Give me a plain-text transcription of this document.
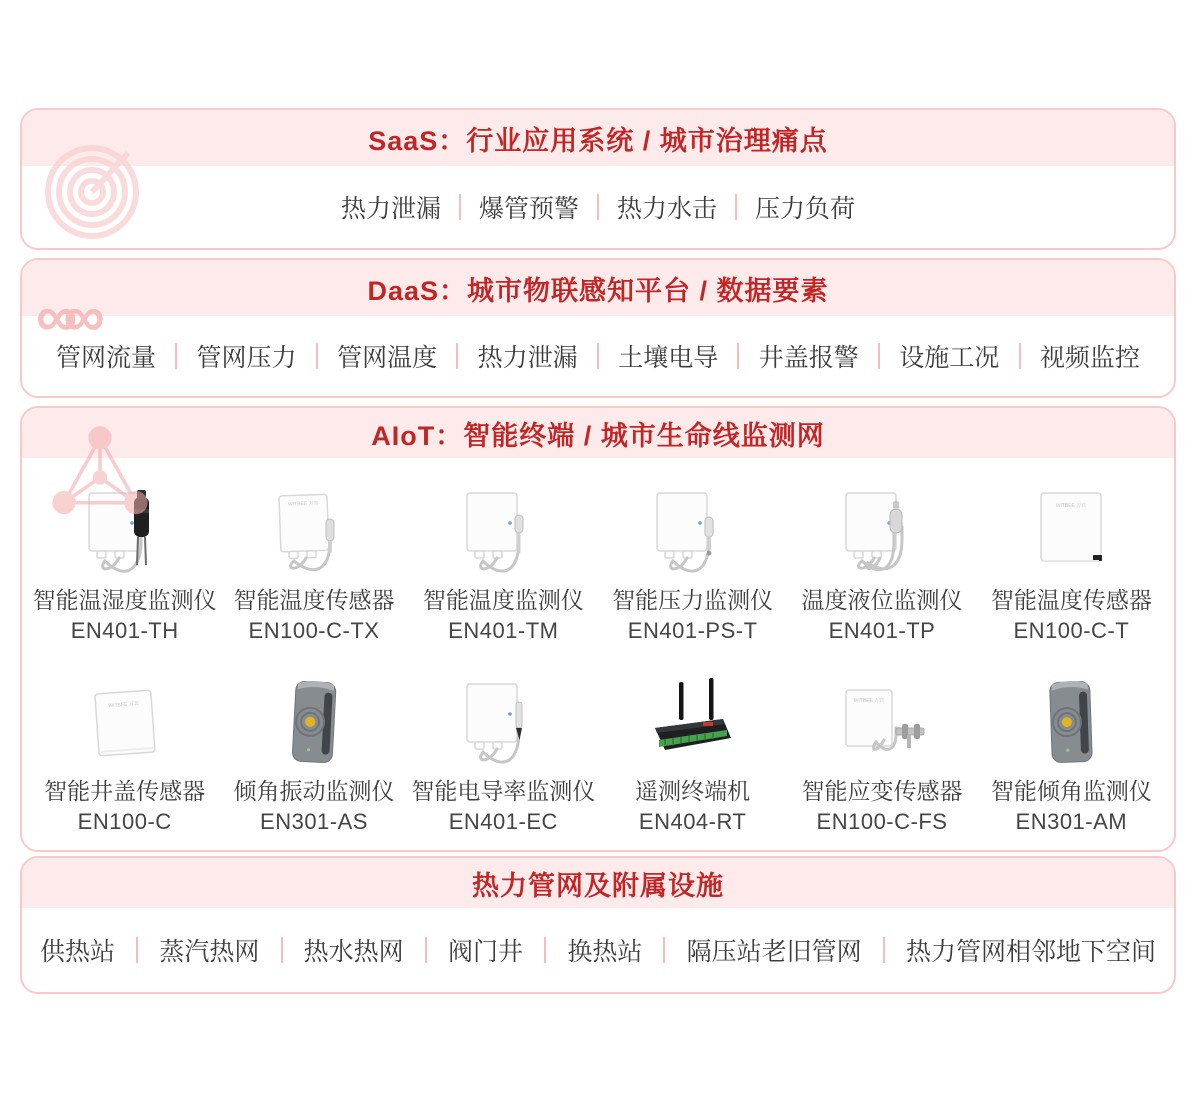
SaaS：行业应用系统 / 城市治理痛点
热力泄漏 爆管预警 热力水击 压力负荷
DaaS：城市物联感知平台 / 数据要素
∞∞
管网流量 管网压力 管网温度 热力泄漏 土壤电导 井盖报警 设施工况 视频监控
AIoT：智能终端 / 城市生命线监测网
智能温湿度监测仪
EN401-TH
WITBEE 万宾
智能温度传感器
EN100-C-TX
智能温度监测仪
EN401-TM
智能压力监测仪
EN401-PS-T
温度液位监测仪
EN401-TP
WITBEE 万宾
智能温度传感器
EN100-C-T
WITBEE 万宾
智能井盖传感器
EN100-C
倾角振动监测仪
EN301-AS
智能电导率监测仪
EN401-EC
遥测终端机
EN404-RT
WITBEE 万宾
智能应变传感器
EN100-C-FS
智能倾角监测仪
EN301-AM
热力管网及附属设施
供热站 蒸汽热网 热水热网 阀门井 换热站 隔压站老旧管网 热力管网相邻地下空间
